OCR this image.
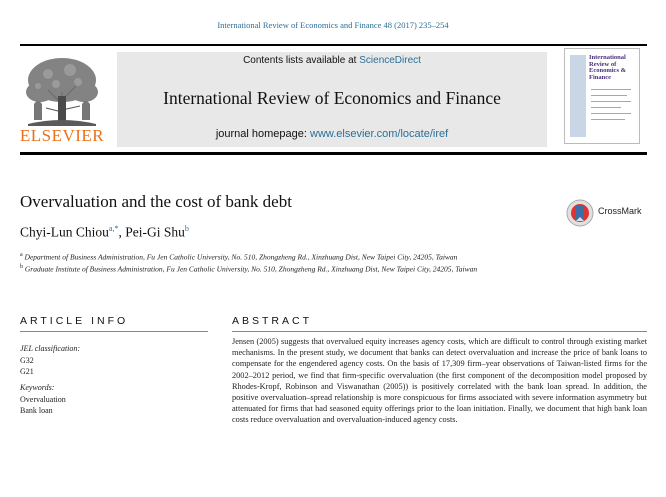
International Review of Economics and Finance 48 (2017) 235–254
ELSEVIER
Contents lists available at ScienceDirect
International Review of Economics and Finance
journal homepage: www.elsevier.com/locate/iref
International Review of Economics & Finance
Overvaluation and the cost of bank debt
Chyi-Lun Chiou$^{a,*}$, Pei-Gi Shu$^b$
CrossMark
$^a$ Department of Business Administration, Fu Jen Catholic University, No. 510, Zhongzheng Rd., Xinzhuang Dist, New Taipei City, 24205, Taiwan
$^b$ Graduate Institute of Business Administration, Fu Jen Catholic University, No. 510, Zhongzheng Rd., Xinzhuang Dist, New Taipei City, 24205, Taiwan
ARTICLE INFO
JEL classification:
G32
G21
Keywords:
Overvaluation
Bank loan
ABSTRACT
Jensen (2005) suggests that overvalued equity increases agency costs, which are difficult to control through existing market mechanisms. In the present study, we document that banks can detect overvaluation and increase the price of bank loans to compensate for the engendered agency costs. On the basis of 17,309 firm–year observations of Taiwan-listed firms for the 2002–2012 period, we find that firm-specific overvaluation (the first component of the decomposition model proposed by Rhodes-Kropf, Robinson and Viswanathan (2005)) is positively correlated with the bank loan spread. In addition, the positive overvaluation–spread relationship is more conspicuous for firms associated with severe information asymmetry but attenuated for firms that had seasoned equity offerings prior to the loan initiation. Finally, we document that high bank loan costs reduce overvaluation and overvaluation-induced agency costs.
